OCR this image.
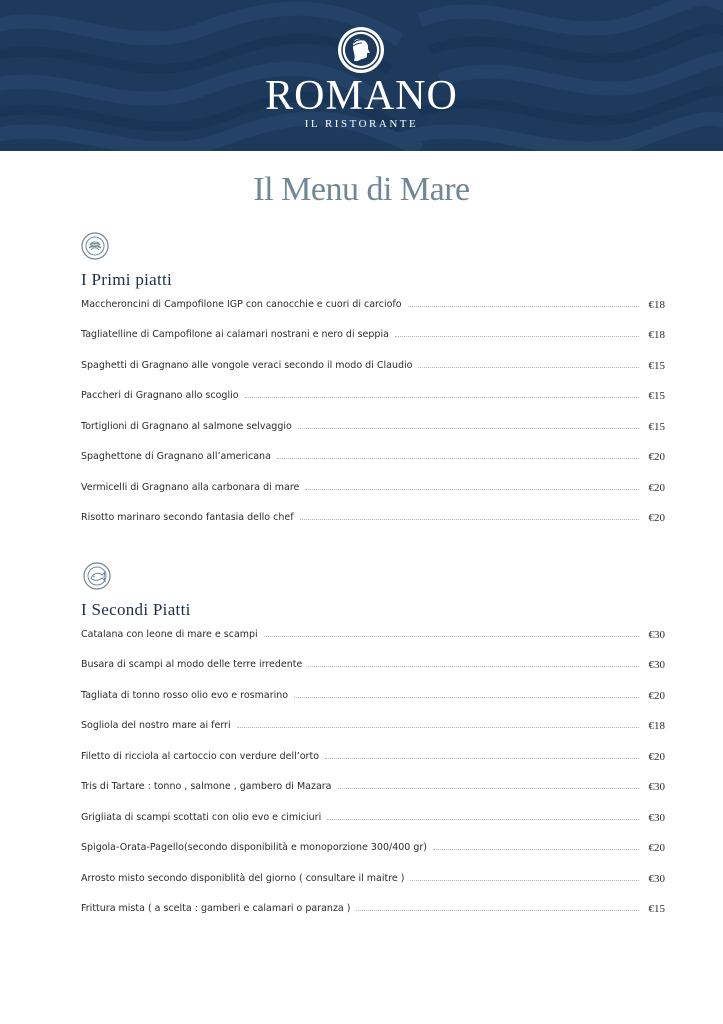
ROMANO
IL RISTORANTE
Il Menu di Mare
I Primi piatti
Maccheroncini di Campofilone IGP con canocchie e cuori di carciofo	€18
Tagliatelline di Campofilone ai calamari nostrani e nero di seppia	€18
Spaghetti di Gragnano alle vongole veraci secondo il modo di Claudio	€15
Paccheri di Gragnano allo scoglio	€15
Tortiglioni di Gragnano al salmone selvaggio	€15
Spaghettone di Gragnano all’americana	€20
Vermicelli di Gragnano alla carbonara di mare	€20
Risotto marinaro secondo fantasia dello chef	€20
I Secondi Piatti
Catalana con leone di mare e scampi	€30
Busara di scampi al modo delle terre irredente	€30
Tagliata di tonno rosso olio evo e rosmarino	€20
Sogliola del nostro mare ai ferri	€18
Filetto di ricciola al cartoccio con verdure dell’orto	€20
Tris di Tartare : tonno , salmone , gambero di Mazara	€30
Grigliata di scampi scottati con olio evo e cimiciuri	€30
Spigola-Orata-Pagello(secondo disponibilità e monoporzione 300/400 gr)	€20
Arrosto misto secondo disponiblità del giorno ( consultare il maitre )	€30
Frittura mista ( a scelta : gamberi e calamari o paranza )	€15
